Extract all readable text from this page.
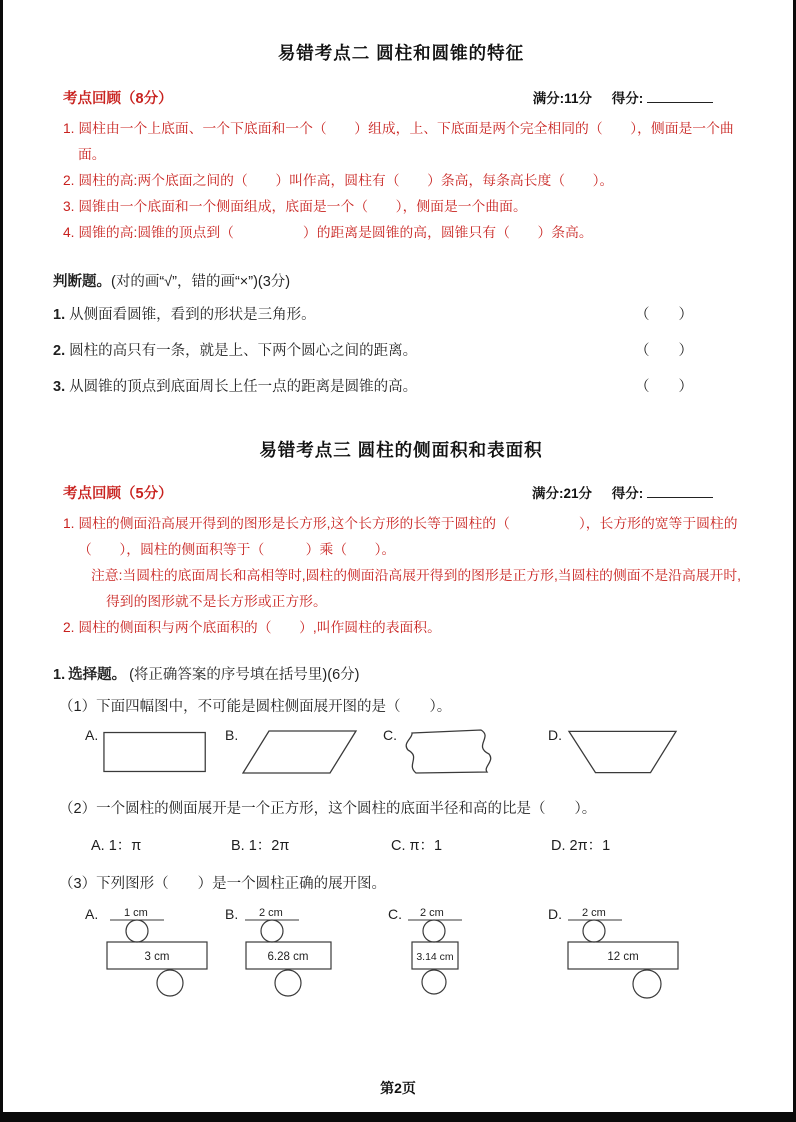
易错考点二 圆柱和圆锥的特征
考点回顾（8分）	满分:11分 得分:

1. 圆柱由一个上底面、一个下底面和一个（　　）组成，上、下底面是两个完全相同的（　　），侧面是一个曲面。

2. 圆柱的高:两个底面之间的（　　）叫作高，圆柱有（　　）条高，每条高长度（　　）。

3. 圆锥由一个底面和一个侧面组成，底面是一个（　　），侧面是一个曲面。

4. 圆锥的高:圆锥的顶点到（　　　　　）的距离是圆锥的高，圆锥只有（　　）条高。

判断题。(对的画“√”，错的画“×”)(3分)

1. 从侧面看圆锥，看到的形状是三角形。	（　　）
2. 圆柱的高只有一条，就是上、下两个圆心之间的距离。	（　　）
3. 从圆锥的顶点到底面周长上任一点的距离是圆锥的高。	（　　）
易错考点三 圆柱的侧面积和表面积
考点回顾（5分）	满分:21分 得分:

1. 圆柱的侧面沿高展开得到的图形是长方形,这个长方形的长等于圆柱的（　　　　　），长方形的宽等于圆柱的（　　），圆柱的侧面积等于（　　　）乘（　　）。

注意:当圆柱的底面周长和高相等时,圆柱的侧面沿高展开得到的图形是正方形,当圆柱的侧面不是沿高展开时,得到的图形就不是长方形或正方形。

2. 圆柱的侧面积与两个底面积的（　　）,叫作圆柱的表面积。

1. 选择题。 (将正确答案的序号填在括号里)(6分)

（1）下面四幅图中，不可能是圆柱侧面展开图的是（　　）。

A.	B.	C.	D.

（2）一个圆柱的侧面展开是一个正方形，这个圆柱的底面半径和高的比是（　　）。

A. 1：π	B. 1：2π	C. π：1	D. 2π：1

（3）下列图形（　　）是一个圆柱正确的展开图。

A. 1 cm
3 cm
B. 2 cm
6.28 cm
C. 2 cm
3.14 cm
D. 2 cm
12 cm
第2页
